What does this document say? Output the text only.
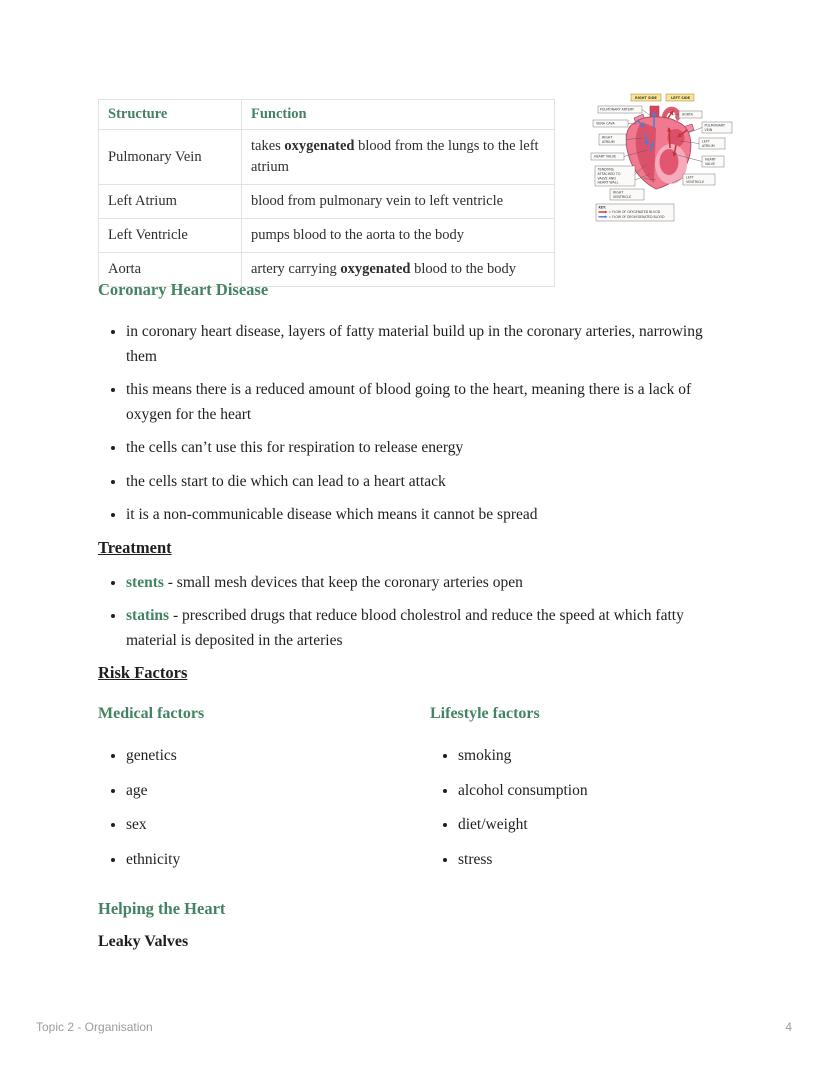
Structure	Function
Pulmonary Vein	takes oxygenated blood from the lungs to the left atrium
Left Atrium	blood from pulmonary vein to left ventricle
Left Ventricle	pumps blood to the aorta to the body
Aorta	artery carrying oxygenated blood to the body
RIGHT SIDE	LEFT SIDE
PULMONARY ARTERY
AORTA
VENA CAVA	PULMONARY VEIN
RIGHT ATRIUM	LEFT ATRIUM
HEART VALVE
HEART VALVE
TENDONS ATTACHED TO VALVE AND HEART WALL
RIGHT VENTRICLE
LEFT VENTRICLE
KEY:
= FLOW OF OXYGENATED BLOOD
= FLOW OF DEOXYGENATED BLOOD
Coronary Heart Disease
• in coronary heart disease, layers of fatty material build up in the coronary arteries, narrowing them
• this means there is a reduced amount of blood going to the heart, meaning there is a lack of oxygen for the heart
• the cells can’t use this for respiration to release energy
• the cells start to die which can lead to a heart attack
• it is a non-communicable disease which means it cannot be spread
Treatment
• stents - small mesh devices that keep the coronary arteries open
• statins - prescribed drugs that reduce blood cholestrol and reduce the speed at which fatty material is deposited in the arteries
Risk Factors
Medical factors
• genetics
• age
• sex
• ethnicity
Lifestyle factors
• smoking
• alcohol consumption
• diet/weight
• stress
Helping the Heart
Leaky Valves
Topic 2 - Organisation	4
